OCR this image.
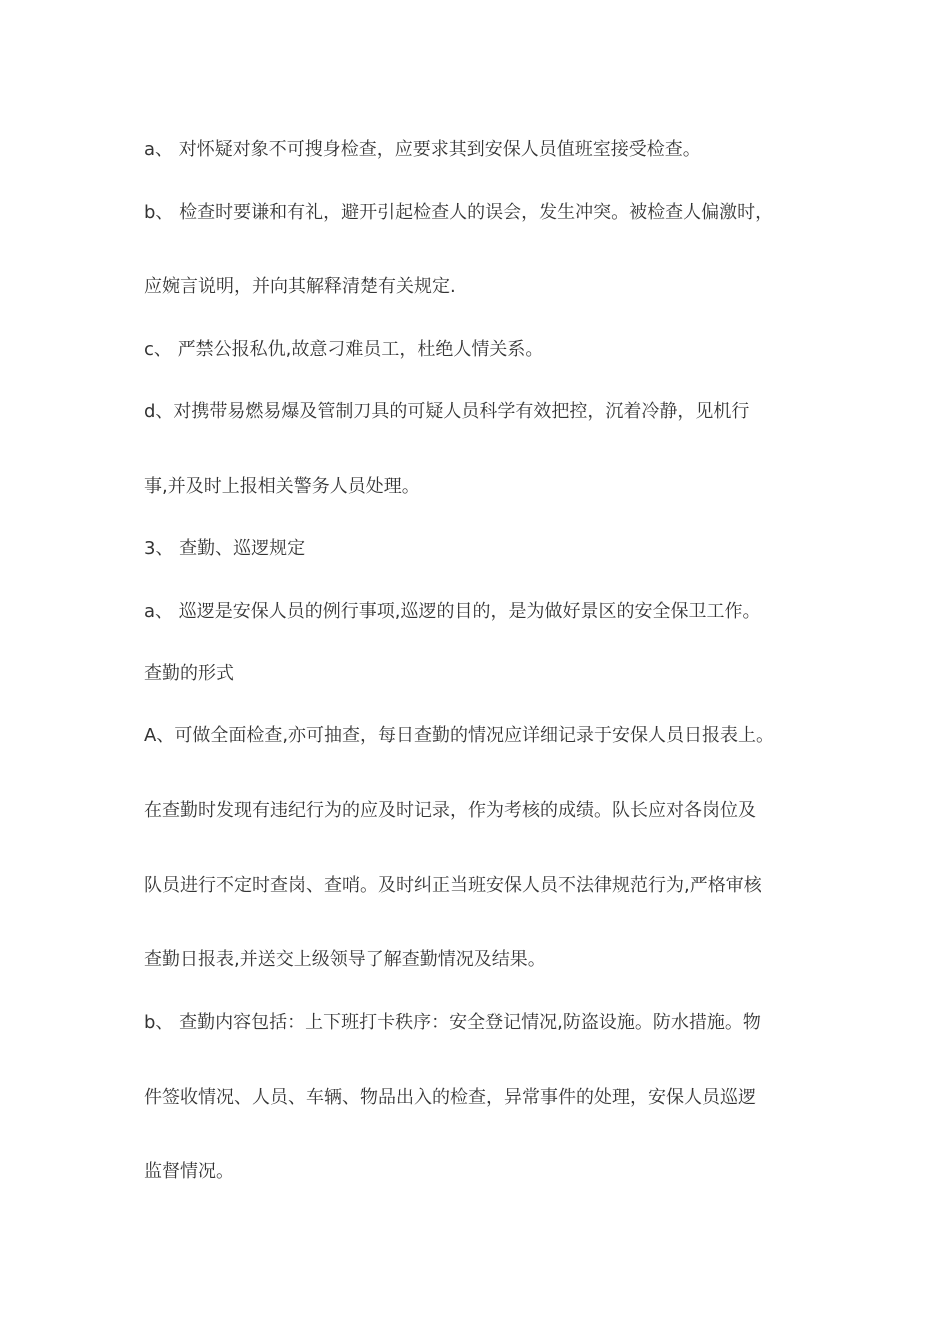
a、 对怀疑对象不可搜身检查，应要求其到安保人员值班室接受检查。
b、 检查时要谦和有礼，避开引起检查人的误会，发生冲突。被检查人偏激时，
应婉言说明，并向其解释清楚有关规定.
c、 严禁公报私仇,故意刁难员工，杜绝人情关系。
d、对携带易燃易爆及管制刀具的可疑人员科学有效把控，沉着冷静，见机行
事,并及时上报相关警务人员处理。
3、 查勤、巡逻规定
a、 巡逻是安保人员的例行事项,巡逻的目的，是为做好景区的安全保卫工作。
查勤的形式
A、可做全面检查,亦可抽查，每日查勤的情况应详细记录于安保人员日报表上。
在查勤时发现有违纪行为的应及时记录，作为考核的成绩。队长应对各岗位及
队员进行不定时查岗、查哨。及时纠正当班安保人员不法律规范行为,严格审核
查勤日报表,并送交上级领导了解查勤情况及结果。
b、 查勤内容包括：上下班打卡秩序：安全登记情况,防盗设施。防水措施。物
件签收情况、人员、车辆、物品出入的检查，异常事件的处理，安保人员巡逻
监督情况。
